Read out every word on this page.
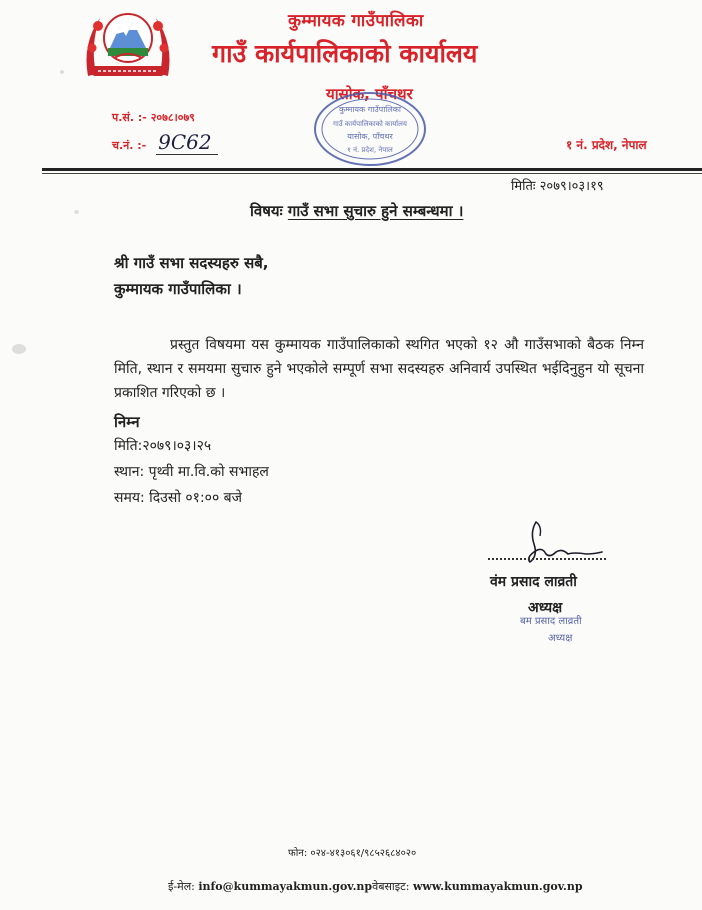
कुम्मायक गाउँपालिका
गाउँ कार्यपालिकाको कार्यालय
यासोक, पाँचथर
कुम्मायक गाउँपालिका
गाउँ कार्यपालिकाको कार्यालय
यासोक, पाँचथर
१ नं. प्रदेश, नेपाल
प.सं. :- २०७८।०७९
च.नं. :- 9C62	१ नं. प्रदेश, नेपाल
मितिः २०७९।०३।१९
विषयः गाउँ सभा सुचारु हुने सम्बन्धमा ।
श्री गाउँ सभा सदस्यहरु सबै,
कुम्मायक गाउँपालिका ।
प्रस्तुत विषयमा यस कुम्मायक गाउँपालिकाको स्थगित भएको १२ औ गाउँसभाको बैठक निम्न मिति, स्थान र समयमा सुचारु हुने भएकोले सम्पूर्ण सभा सदस्यहरु अनिवार्य उपस्थित भईदिनुहुन यो सूचना प्रकाशित गरिएको छ ।
निम्न
मिति:२०७९।०३।२५
स्थान: पृथ्वी मा.वि.को सभाहल
समय: दिउसो ०१:०० बजे
वंम प्रसाद लाव्रती
अध्यक्ष
बम प्रसाद लाव्रती
अध्यक्ष
फोन: ०२४-४१३०६१/९८५२६८४०२०
ई-मेल: info@kummayakmun.gov.npवेबसाइट: www.kummayakmun.gov.np
